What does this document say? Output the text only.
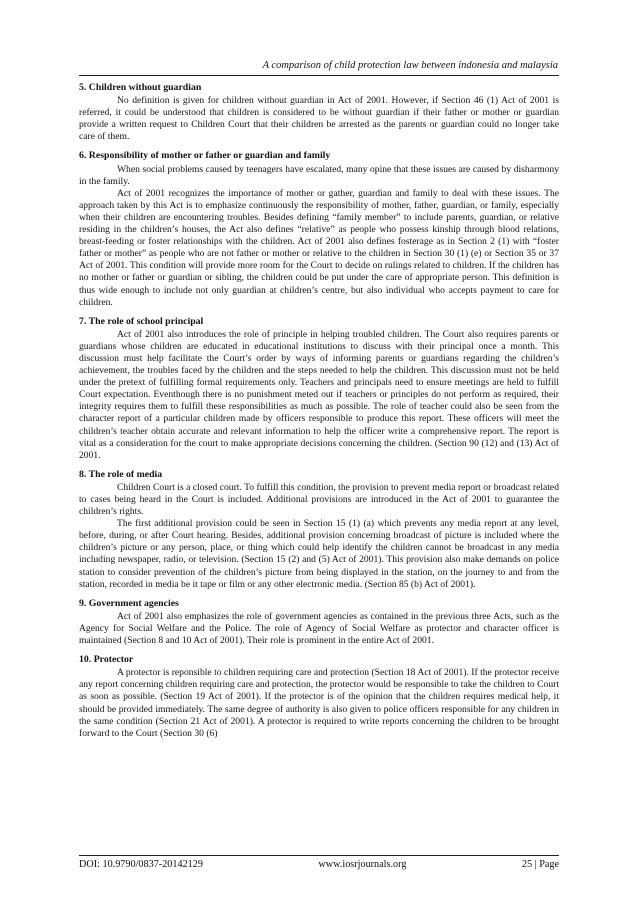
A comparison of child protection law between indonesia and malaysia
5. Children without guardian

No definition is given for children without guardian in Act of 2001. However, if Section 46 (1) Act of 2001 is referred, it could be understood that children is considered to be without guardian if their father or mother or guardian provide a written request to Children Court that their children be arrested as the parents or guardian could no longer take care of them.

6. Responsibility of mother or father or guardian and family

When social problems caused by teenagers have escalated, many opine that these issues are caused by disharmony in the family.

Act of 2001 recognizes the importance of mother or gather, guardian and family to deal with these issues. The approach taken by this Act is to emphasize continuously the responsibility of mother, father, guardian, or family, especially when their children are encountering troubles. Besides defining “family member” to include parents, guardian, or relative residing in the children’s houses, the Act also defines “relative” as people who possess kinship through blood relations, breast-feeding or foster relationships with the children. Act of 2001 also defines fosterage as in Section 2 (1) with “foster father or mother” as people who are not father or mother or relative to the children in Section 30 (1) (e) or Section 35 or 37 Act of 2001. This condition will provide more room for the Court to decide on rulings related to children. If the children has no mother or father or guardian or sibling, the children could be put under the care of appropriate person. This definition is thus wide enough to include not only guardian at children’s centre, but also individual who accepts payment to care for children.

7. The role of school principal

Act of 2001 also introduces the role of principle in helping troubled children. The Court also requires parents or guardians whose children are educated in educational institutions to discuss with their principal once a month. This discussion must help facilitate the Court’s order by ways of informing parents or guardians regarding the children’s achievement, the troubles faced by the children and the steps needed to help the children. This discussion must not be held under the pretext of fulfilling formal requirements only. Teachers and principals need to ensure meetings are held to fulfill Court expectation. Eventhough there is no punishment meted out if teachers or principles do not perform as required, their integrity requires them to fulfill these responsibilities as much as possible. The role of teacher could also be seen from the character report of a particular children made by officers responsible to produce this report. These officers will meet the children’s teacher obtain accurate and relevant information to help the officer write a comprehensive report. The report is vital as a consideration for the court to make appropriate decisions concerning the children. (Section 90 (12) and (13) Act of 2001.

8. The role of media

Children Court is a closed court. To fulfill this condition, the provision to prevent media report or broadcast related to cases being heard in the Court is included. Additional provisions are introduced in the Act of 2001 to guarantee the children’s rights.

The first additional provision could be seen in Section 15 (1) (a) which prevents any media report at any level, before, during, or after Court hearing. Besides, additional provision concerning broadcast of picture is included where the children’s picture or any person, place, or thing which could help identify the children cannot be broadcast in any media including newspaper, radio, or television. (Section 15 (2) and (5) Act of 2001). This provision also make demands on police station to consider prevention of the children’s picture from being displayed in the station, on the journey to and from the station, recorded in media be it tape or film or any other electronic media. (Section 85 (b) Act of 2001).

9. Government agencies

Act of 2001 also emphasizes the role of government agencies as contained in the previous three Acts, such as the Agency for Social Welfare and the Police. The role of Agency of Social Welfare as protector and character officer is maintained (Section 8 and 10 Act of 2001). Their role is prominent in the entire Act of 2001.

10. Protector

A protector is reponsible to children requiring care and protection (Section 18 Act of 2001). If the protector receive any report concerning children requiring care and protection, the protector would be responsible to take the children to Court as soon as possible. (Section 19 Act of 2001). If the protector is of the opinion that the children requires medical help, it should be provided immediately. The same degree of authority is also given to police officers responsible for any children in the same condition (Section 21 Act of 2001). A protector is required to write reports concerning the children to be brought forward to the Court (Section 30 (6)

DOI: 10.9790/0837-20142129	www.iosrjournals.org	25 | Page
